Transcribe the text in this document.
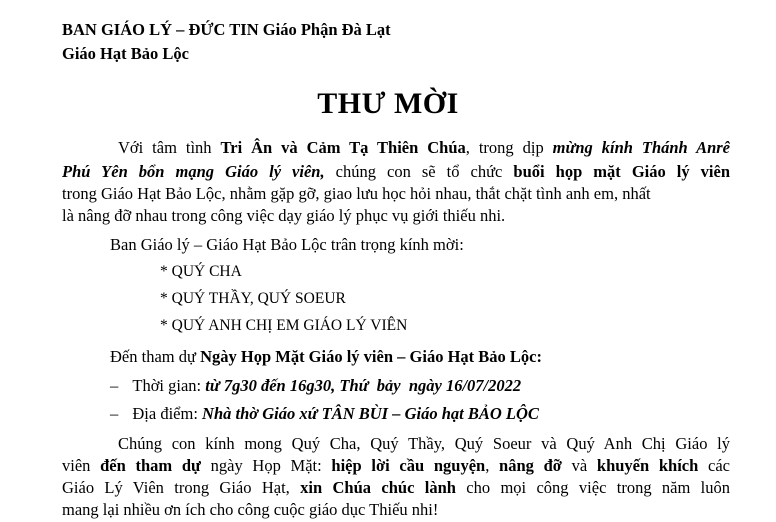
BAN GIÁO LÝ – ĐỨC TIN Giáo Phận Đà Lạt
Giáo Hạt Bảo Lộc
THƯ MỜI
Với tâm tình Tri Ân và Cảm Tạ Thiên Chúa, trong dịp mừng kính Thánh Anrê
Phú Yên bổn mạng Giáo lý viên, chúng con sẽ tổ chức buổi họp mặt Giáo lý viên
trong Giáo Hạt Bảo Lộc, nhằm gặp gỡ, giao lưu học hỏi nhau, thắt chặt tình anh em, nhất
là nâng đỡ nhau trong công việc dạy giáo lý phục vụ giới thiếu nhi.
Ban Giáo lý – Giáo Hạt Bảo Lộc trân trọng kính mời:
* QUÝ CHA
* QUÝ THẦY, QUÝ SOEUR
* QUÝ ANH CHỊ EM GIÁO LÝ VIÊN
Đến tham dự Ngày Họp Mặt Giáo lý viên – Giáo Hạt Bảo Lộc:
– Thời gian: từ 7g30 đến 16g30, Thứ  bảy  ngày 16/07/2022
– Địa điểm: Nhà thờ Giáo xứ TÂN BÙI – Giáo hạt BẢO LỘC
Chúng con kính mong Quý Cha, Quý Thầy, Quý Soeur và Quý Anh Chị Giáo lý
viên đến tham dự ngày Họp Mặt: hiệp lời cầu nguyện, nâng đỡ và khuyến khích các
Giáo Lý Viên trong Giáo Hạt, xin Chúa chúc lành cho mọi công việc trong năm luôn
mang lại nhiều ơn ích cho công cuộc giáo dục Thiếu nhi!
